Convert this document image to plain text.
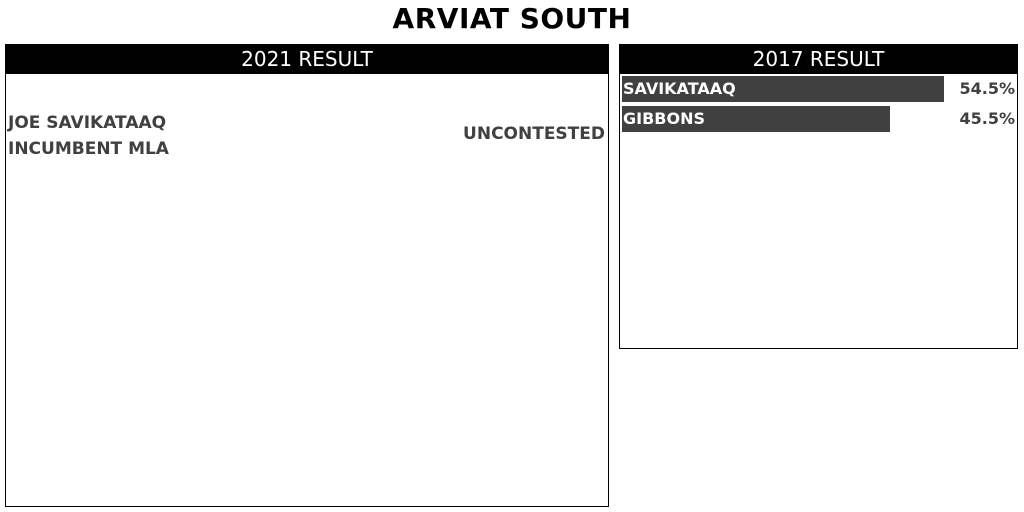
ARVIAT SOUTH
2021 RESULT
JOE SAVIKATAAQ
INCUMBENT MLA
UNCONTESTED
2017 RESULT
SAVIKATAAQ	54.5%
GIBBONS	45.5%
